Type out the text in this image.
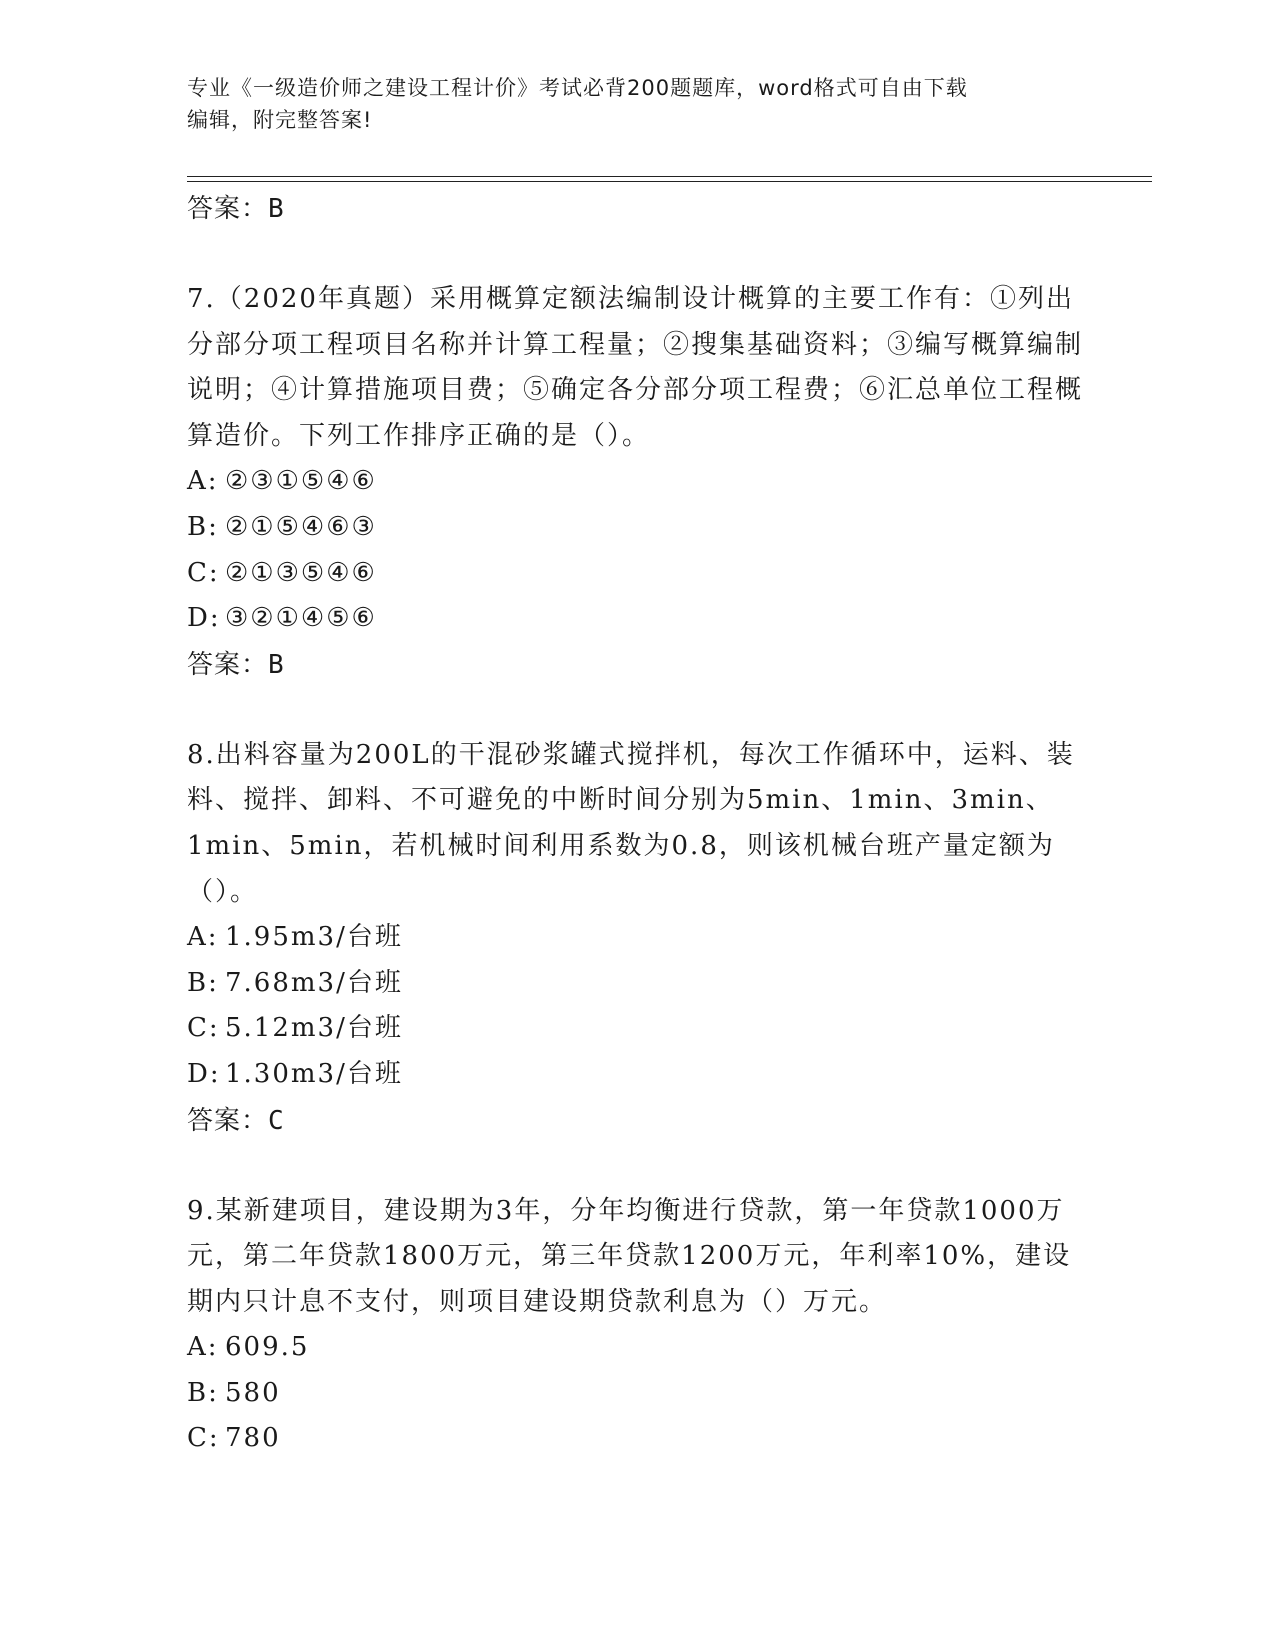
专业《一级造价师之建设工程计价》考试必背200题题库，word格式可自由下载
编辑，附完整答案!
答案：B
7.（2020年真题）采用概算定额法编制设计概算的主要工作有：①列出分部分项工程项目名称并计算工程量；②搜集基础资料；③编写概算编制说明；④计算措施项目费；⑤确定各分部分项工程费；⑥汇总单位工程概算造价。下列工作排序正确的是（）。
A: ②③①⑤④⑥
B: ②①⑤④⑥③
C: ②①③⑤④⑥
D: ③②①④⑤⑥
答案：B
8.出料容量为200L的干混砂浆罐式搅拌机，每次工作循环中，运料、装料、搅拌、卸料、不可避免的中断时间分别为5min、1min、3min、1min、5min，若机械时间利用系数为0.8，则该机械台班产量定额为（）。
A: 1.95m3/台班
B: 7.68m3/台班
C: 5.12m3/台班
D: 1.30m3/台班
答案：C
9.某新建项目，建设期为3年，分年均衡进行贷款，第一年贷款1000万元，第二年贷款1800万元，第三年贷款1200万元，年利率10%，建设期内只计息不支付，则项目建设期贷款利息为（）万元。
A: 609.5
B: 580
C: 780
